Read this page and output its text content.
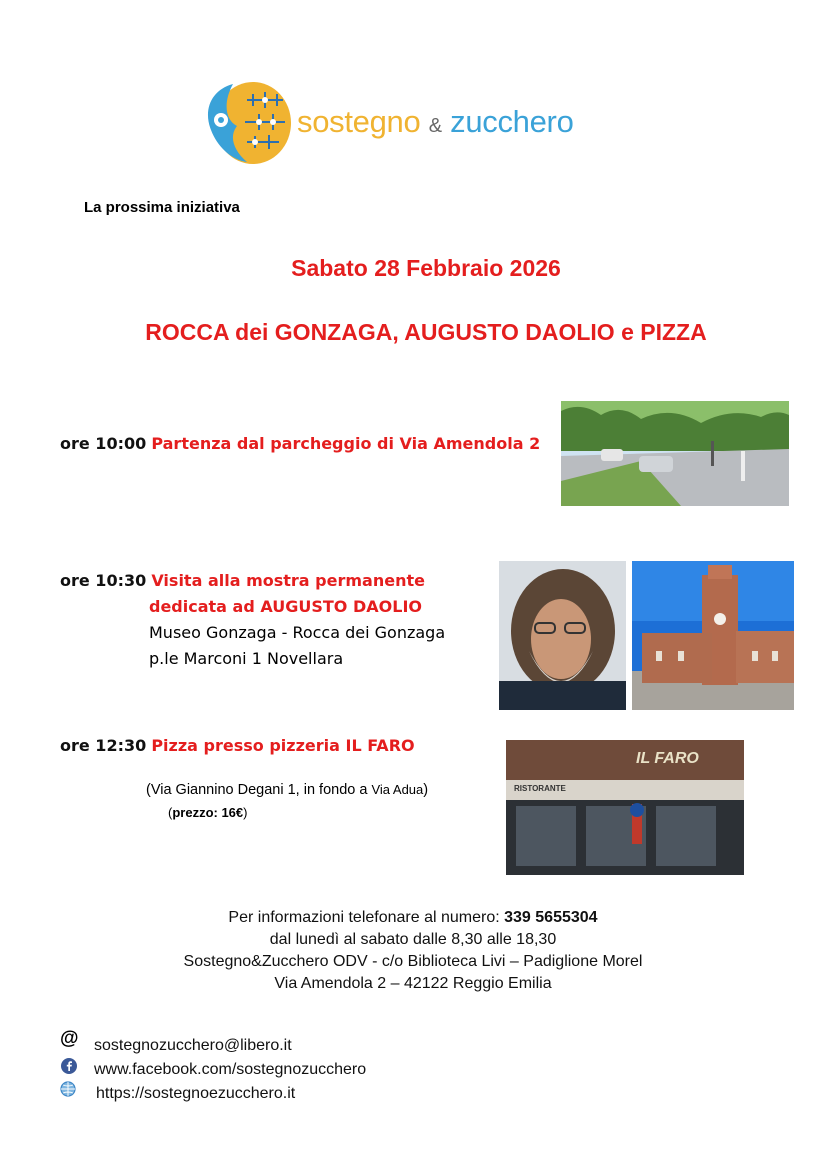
sostegno & zucchero
La prossima iniziativa
Sabato 28 Febbraio 2026
ROCCA dei GONZAGA, AUGUSTO DAOLIO e PIZZA
ore 10:00 Partenza dal parcheggio di Via Amendola 2
ore 10:30 Visita alla mostra permanente
dedicata ad AUGUSTO DAOLIO
Museo Gonzaga - Rocca dei Gonzaga
p.le Marconi 1 Novellara
ore 12:30 Pizza presso pizzeria IL FARO
(Via Giannino Degani 1, in fondo a Via Adua)
(prezzo: 16€)
RISTORANTE
IL FARO
Per informazioni telefonare al numero: 339 5655304
dal lunedì al sabato dalle 8,30 alle 18,30
Sostegno&Zucchero ODV - c/o Biblioteca Livi – Padiglione Morel
Via Amendola 2 – 42122 Reggio Emilia
@ sostegnozucchero@libero.it
www.facebook.com/sostegnozucchero
https://sostegnoezucchero.it
